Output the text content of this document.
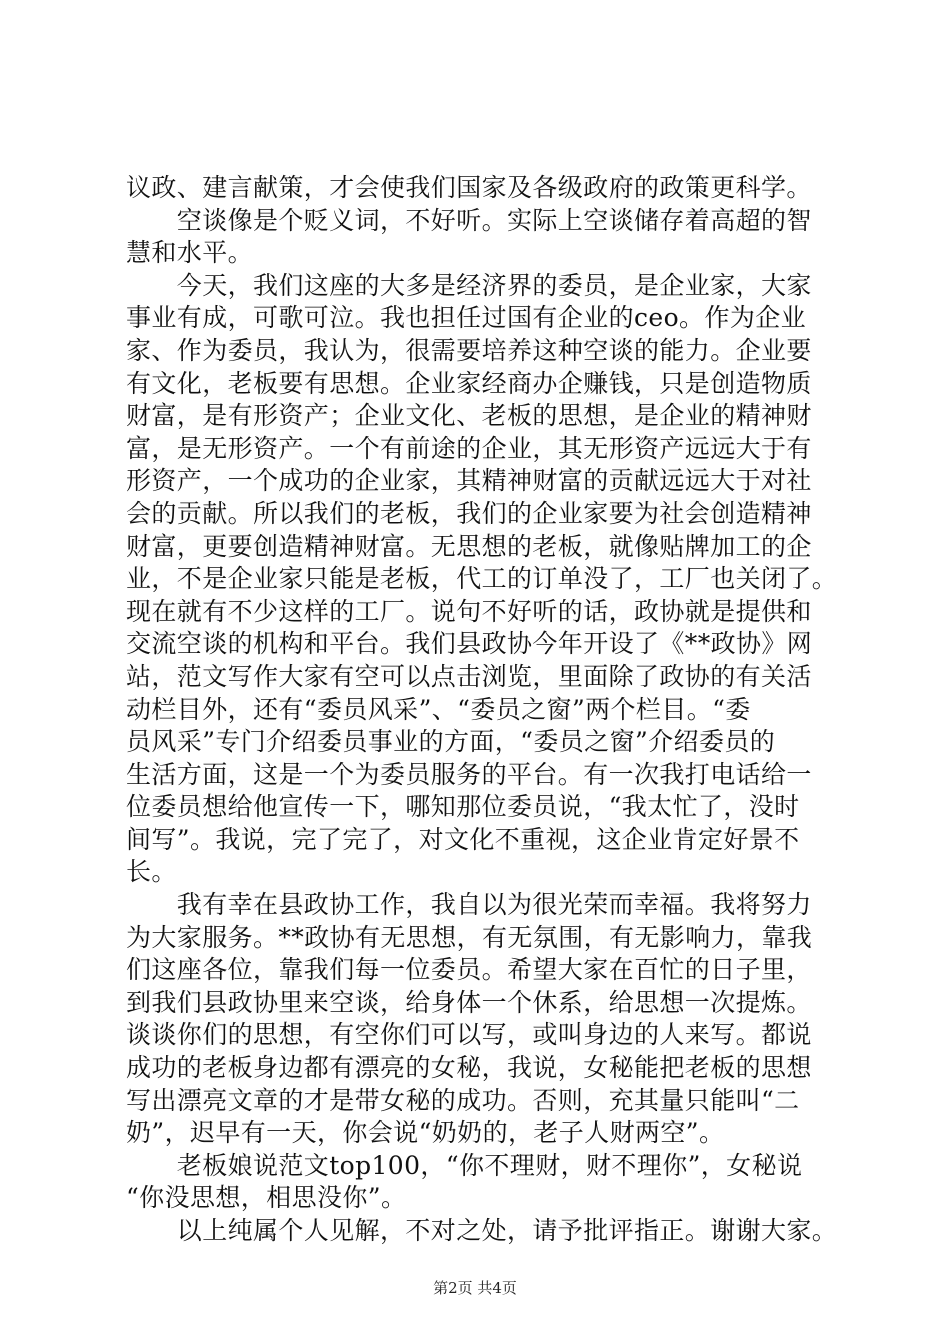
议政、建言献策，才会使我们国家及各级政府的政策更科学。
　　空谈像是个贬义词，不好听。实际上空谈储存着高超的智
慧和水平。
　　今天，我们这座的大多是经济界的委员，是企业家，大家
事业有成，可歌可泣。我也担任过国有企业的ceo。作为企业
家、作为委员，我认为，很需要培养这种空谈的能力。企业要
有文化，老板要有思想。企业家经商办企赚钱，只是创造物质
财富，是有形资产；企业文化、老板的思想，是企业的精神财
富，是无形资产。一个有前途的企业，其无形资产远远大于有
形资产，一个成功的企业家，其精神财富的贡献远远大于对社
会的贡献。所以我们的老板，我们的企业家要为社会创造精神
财富，更要创造精神财富。无思想的老板，就像贴牌加工的企
业，不是企业家只能是老板，代工的订单没了，工厂也关闭了。
现在就有不少这样的工厂。说句不好听的话，政协就是提供和
交流空谈的机构和平台。我们县政协今年开设了《**政协》网
站，范文写作大家有空可以点击浏览，里面除了政协的有关活
动栏目外，还有“委员风采”、“委员之窗”两个栏目。“委
员风采”专门介绍委员事业的方面，“委员之窗”介绍委员的
生活方面，这是一个为委员服务的平台。有一次我打电话给一
位委员想给他宣传一下，哪知那位委员说，“我太忙了，没时
间写”。我说，完了完了，对文化不重视，这企业肯定好景不
长。
　　我有幸在县政协工作，我自以为很光荣而幸福。我将努力
为大家服务。**政协有无思想，有无氛围，有无影响力，靠我
们这座各位，靠我们每一位委员。希望大家在百忙的日子里，
到我们县政协里来空谈，给身体一个休系，给思想一次提炼。
谈谈你们的思想，有空你们可以写，或叫身边的人来写。都说
成功的老板身边都有漂亮的女秘，我说，女秘能把老板的思想
写出漂亮文章的才是带女秘的成功。否则，充其量只能叫“二
奶”，迟早有一天，你会说“奶奶的，老子人财两空”。
　　老板娘说范文top100，“你不理财，财不理你”，女秘说
“你没思想，相思没你”。
　　以上纯属个人见解，不对之处，请予批评指正。谢谢大家。
第2页 共4页
